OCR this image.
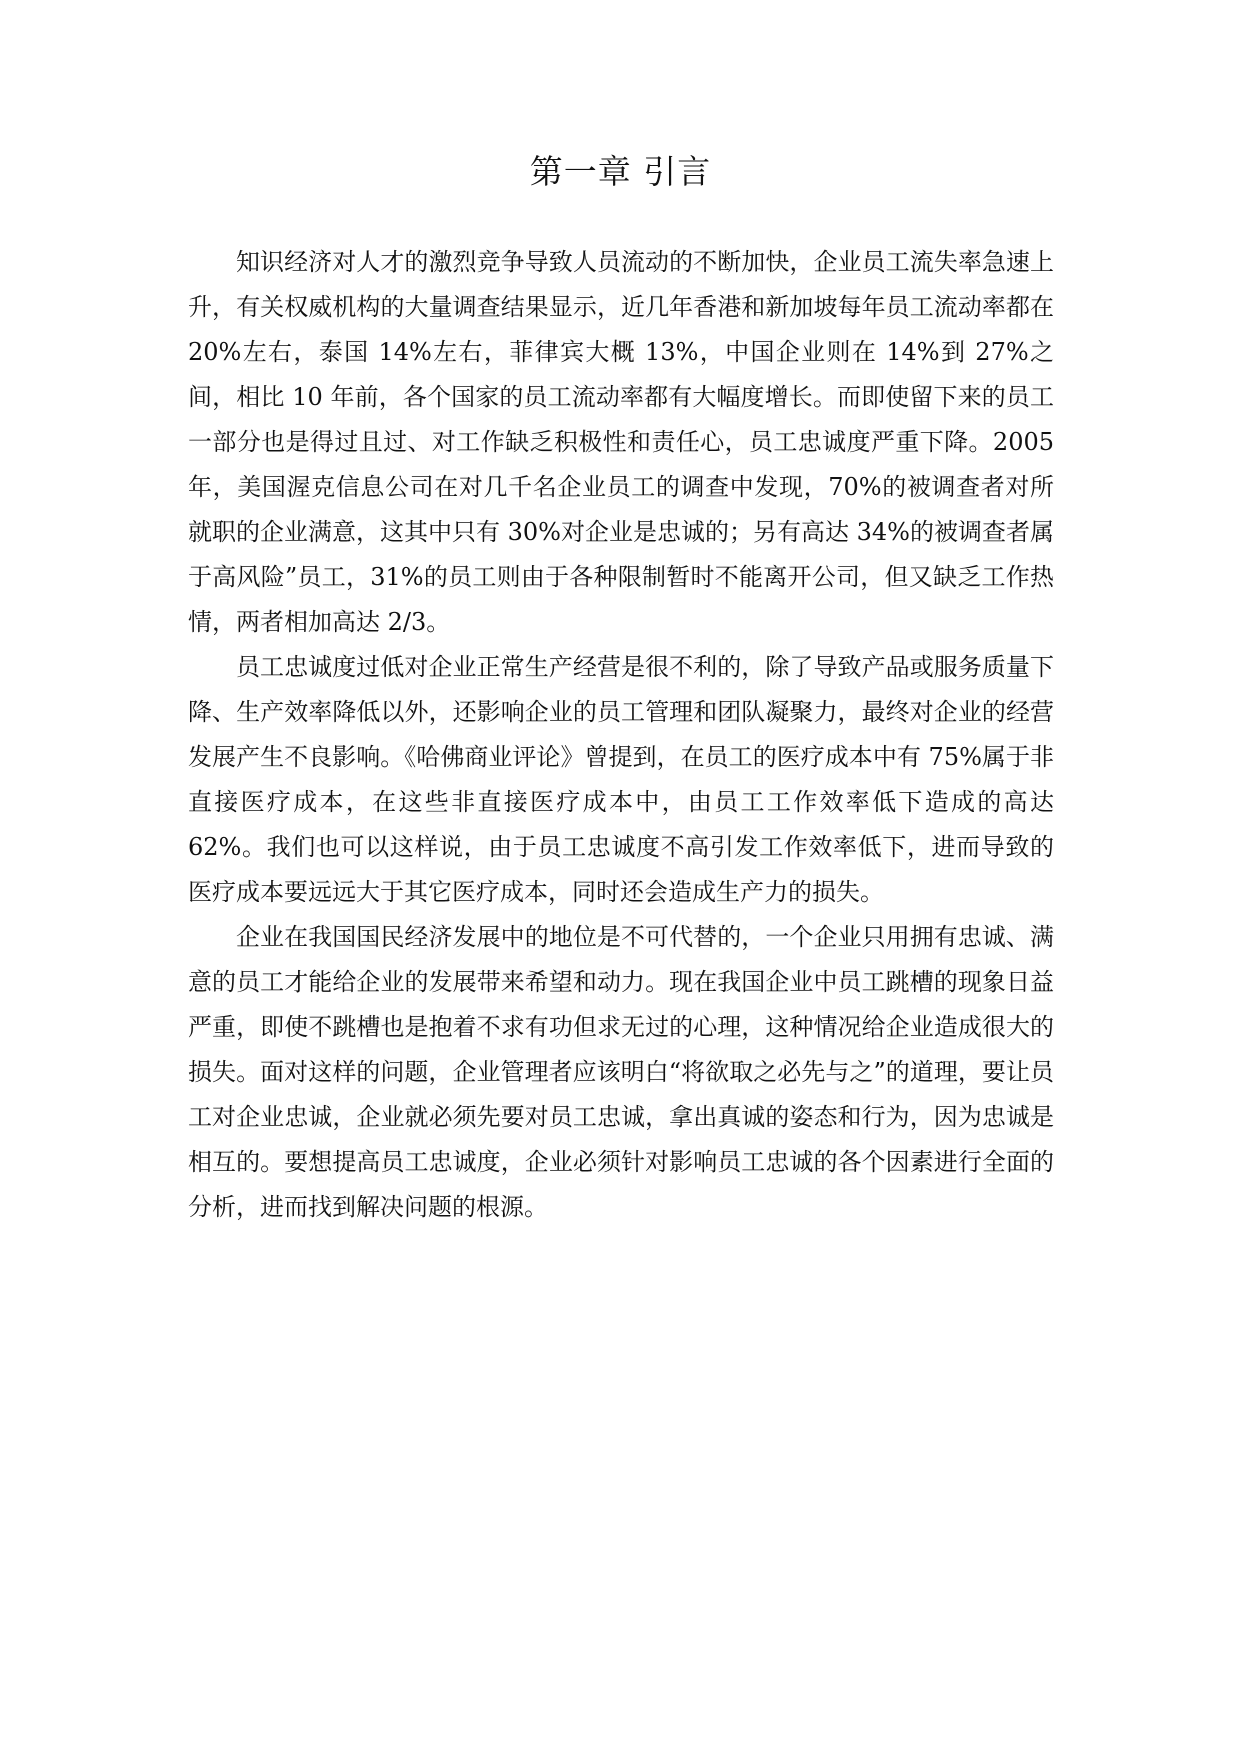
第一章 引言

知识经济对人才的激烈竞争导致人员流动的不断加快，企业员工流失率急速上升，有关权威机构的大量调查结果显示，近几年香港和新加坡每年员工流动率都在 20%左右，泰国 14%左右，菲律宾大概 13%，中国企业则在 14%到 27%之间，相比 10 年前，各个国家的员工流动率都有大幅度增长。而即使留下来的员工一部分也是得过且过、对工作缺乏积极性和责任心，员工忠诚度严重下降。2005 年，美国渥克信息公司在对几千名企业员工的调查中发现，70%的被调查者对所就职的企业满意，这其中只有 30%对企业是忠诚的；另有高达 34%的被调查者属于高风险”员工，31%的员工则由于各种限制暂时不能离开公司，但又缺乏工作热情，两者相加高达 2/3。

员工忠诚度过低对企业正常生产经营是很不利的，除了导致产品或服务质量下降、生产效率降低以外，还影响企业的员工管理和团队凝聚力，最终对企业的经营发展产生不良影响。《哈佛商业评论》曾提到，在员工的医疗成本中有 75%属于非直接医疗成本，在这些非直接医疗成本中，由员工工作效率低下造成的高达 62%。我们也可以这样说，由于员工忠诚度不高引发工作效率低下，进而导致的医疗成本要远远大于其它医疗成本，同时还会造成生产力的损失。

企业在我国国民经济发展中的地位是不可代替的，一个企业只用拥有忠诚、满意的员工才能给企业的发展带来希望和动力。现在我国企业中员工跳槽的现象日益严重，即使不跳槽也是抱着不求有功但求无过的心理，这种情况给企业造成很大的损失。面对这样的问题，企业管理者应该明白“将欲取之必先与之”的道理，要让员工对企业忠诚，企业就必须先要对员工忠诚，拿出真诚的姿态和行为，因为忠诚是相互的。要想提高员工忠诚度，企业必须针对影响员工忠诚的各个因素进行全面的分析，进而找到解决问题的根源。
